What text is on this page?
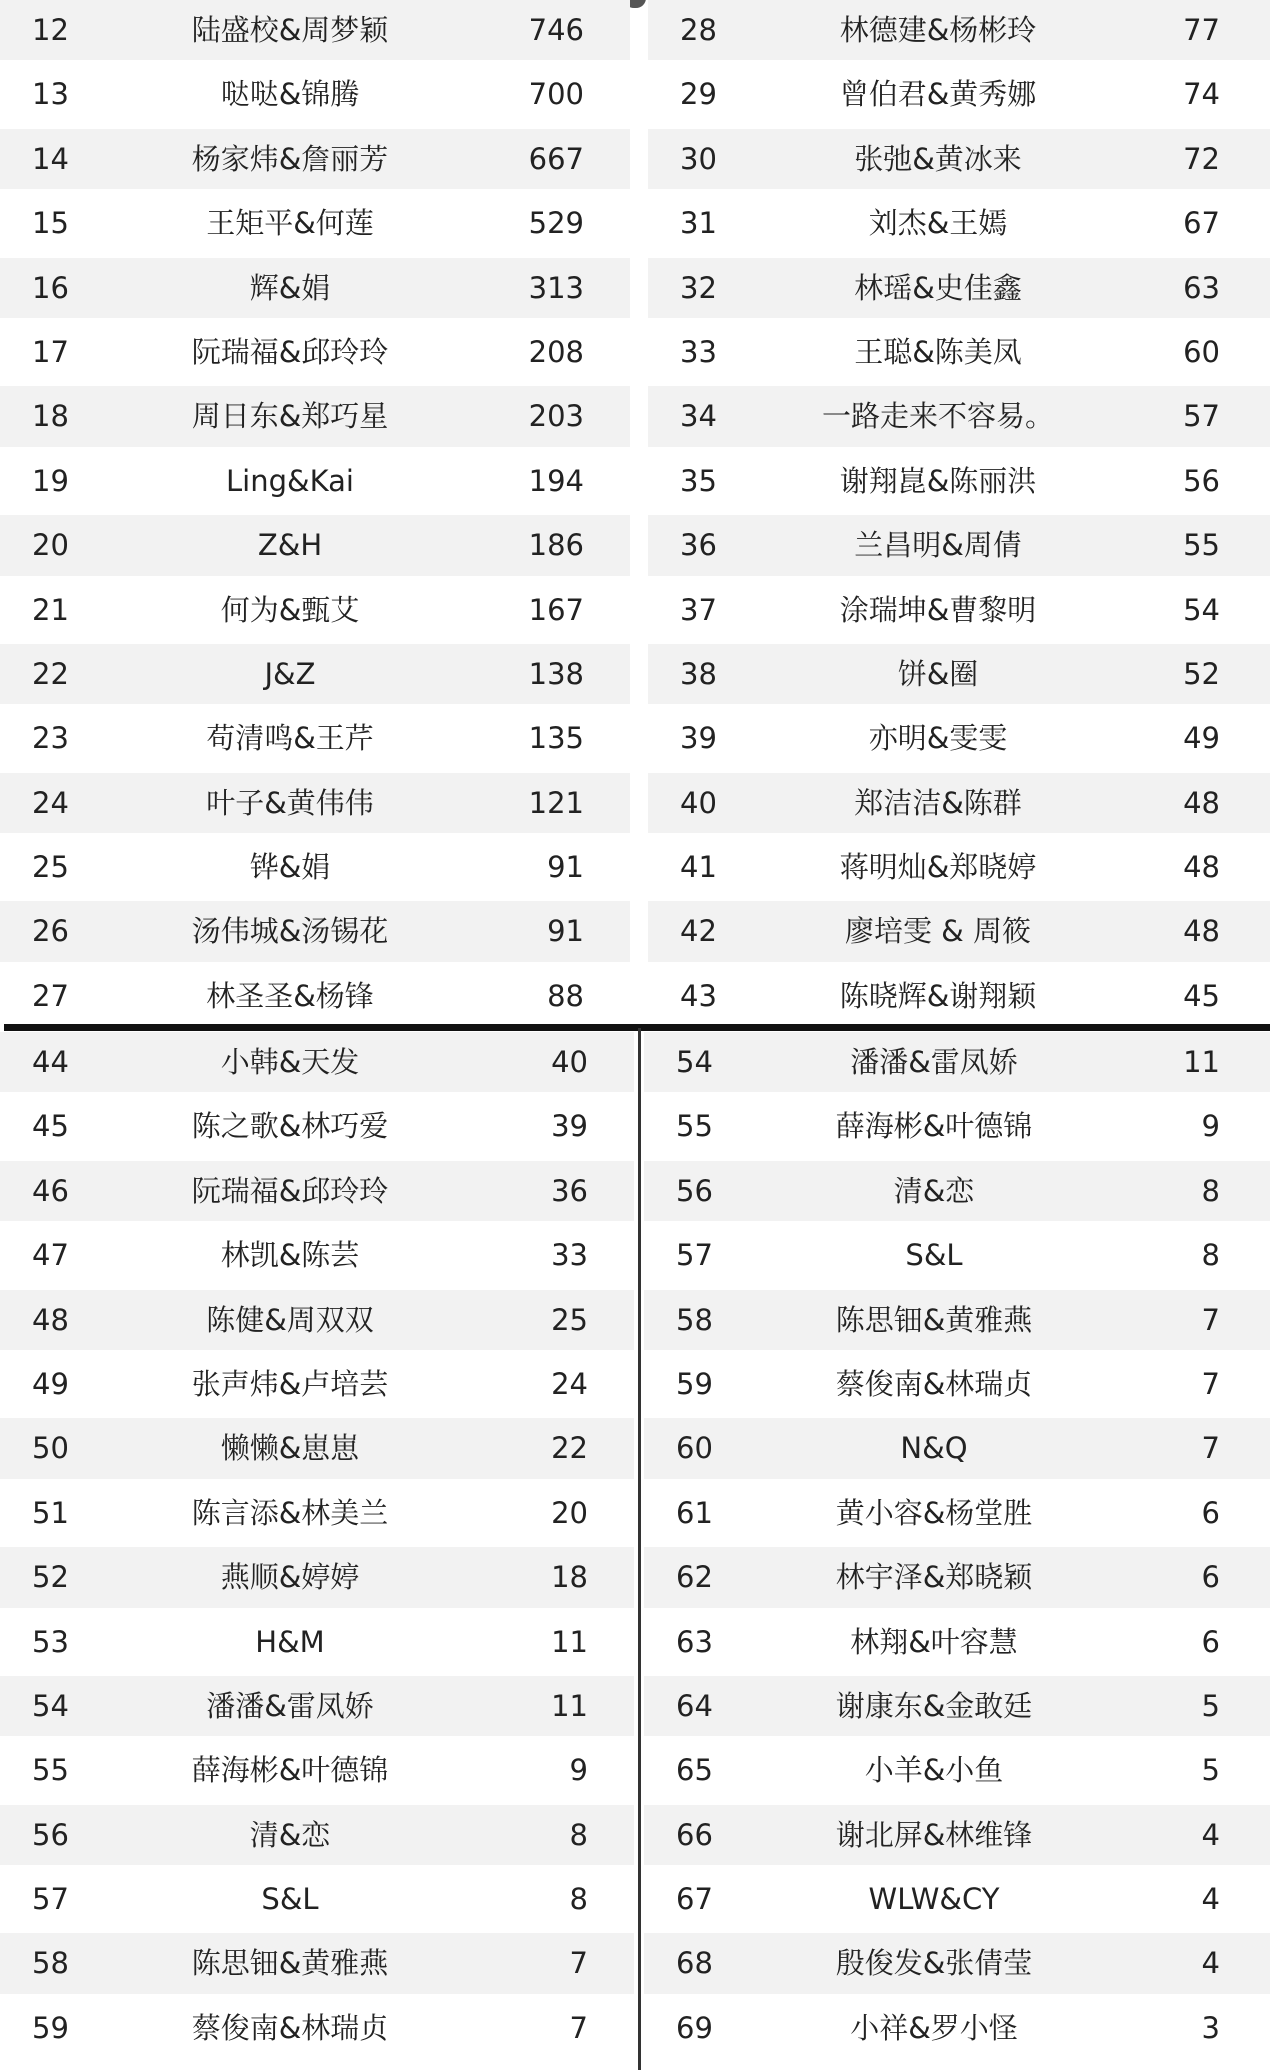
12	陆盛校&周梦颖	746
13	哒哒&锦腾	700
14	杨家炜&詹丽芳	667
15	王矩平&何莲	529
16	辉&娟	313
17	阮瑞福&邱玲玲	208
18	周日东&郑巧星	203
19	Ling&Kai	194
20	Z&H	186
21	何为&甄艾	167
22	J&Z	138
23	苟清鸣&王芹	135
24	叶子&黄伟伟	121
25	铧&娟	91
26	汤伟城&汤锡花	91
27	林圣圣&杨锋	88
28	林德建&杨彬玲	77
29	曾伯君&黄秀娜	74
30	张弛&黄冰来	72
31	刘杰&王嫣	67
32	林瑶&史佳鑫	63
33	王聪&陈美凤	60
34	一路走来不容易。	57
35	谢翔崑&陈丽洪	56
36	兰昌明&周倩	55
37	涂瑞坤&曹黎明	54
38	饼&圈	52
39	亦明&雯雯	49
40	郑洁洁&陈群	48
41	蒋明灿&郑晓婷	48
42	廖培雯 & 周筱	48
43	陈晓辉&谢翔颖	45
44	小韩&天发	40
45	陈之歌&林巧爱	39
46	阮瑞福&邱玲玲	36
47	林凯&陈芸	33
48	陈健&周双双	25
49	张声炜&卢培芸	24
50	懒懒&崽崽	22
51	陈言添&林美兰	20
52	燕顺&婷婷	18
53	H&M	11
54	潘潘&雷凤娇	11
55	薛海彬&叶德锦	9
56	清&恋	8
57	S&L	8
58	陈思钿&黄雅燕	7
59	蔡俊南&林瑞贞	7
54	潘潘&雷凤娇	11
55	薛海彬&叶德锦	9
56	清&恋	8
57	S&L	8
58	陈思钿&黄雅燕	7
59	蔡俊南&林瑞贞	7
60	N&Q	7
61	黄小容&杨堂胜	6
62	林宇泽&郑晓颖	6
63	林翔&叶容慧	6
64	谢康东&金敢廷	5
65	小羊&小鱼	5
66	谢北屏&林维锋	4
67	WLW&CY	4
68	殷俊发&张倩莹	4
69	小祥&罗小怪	3
